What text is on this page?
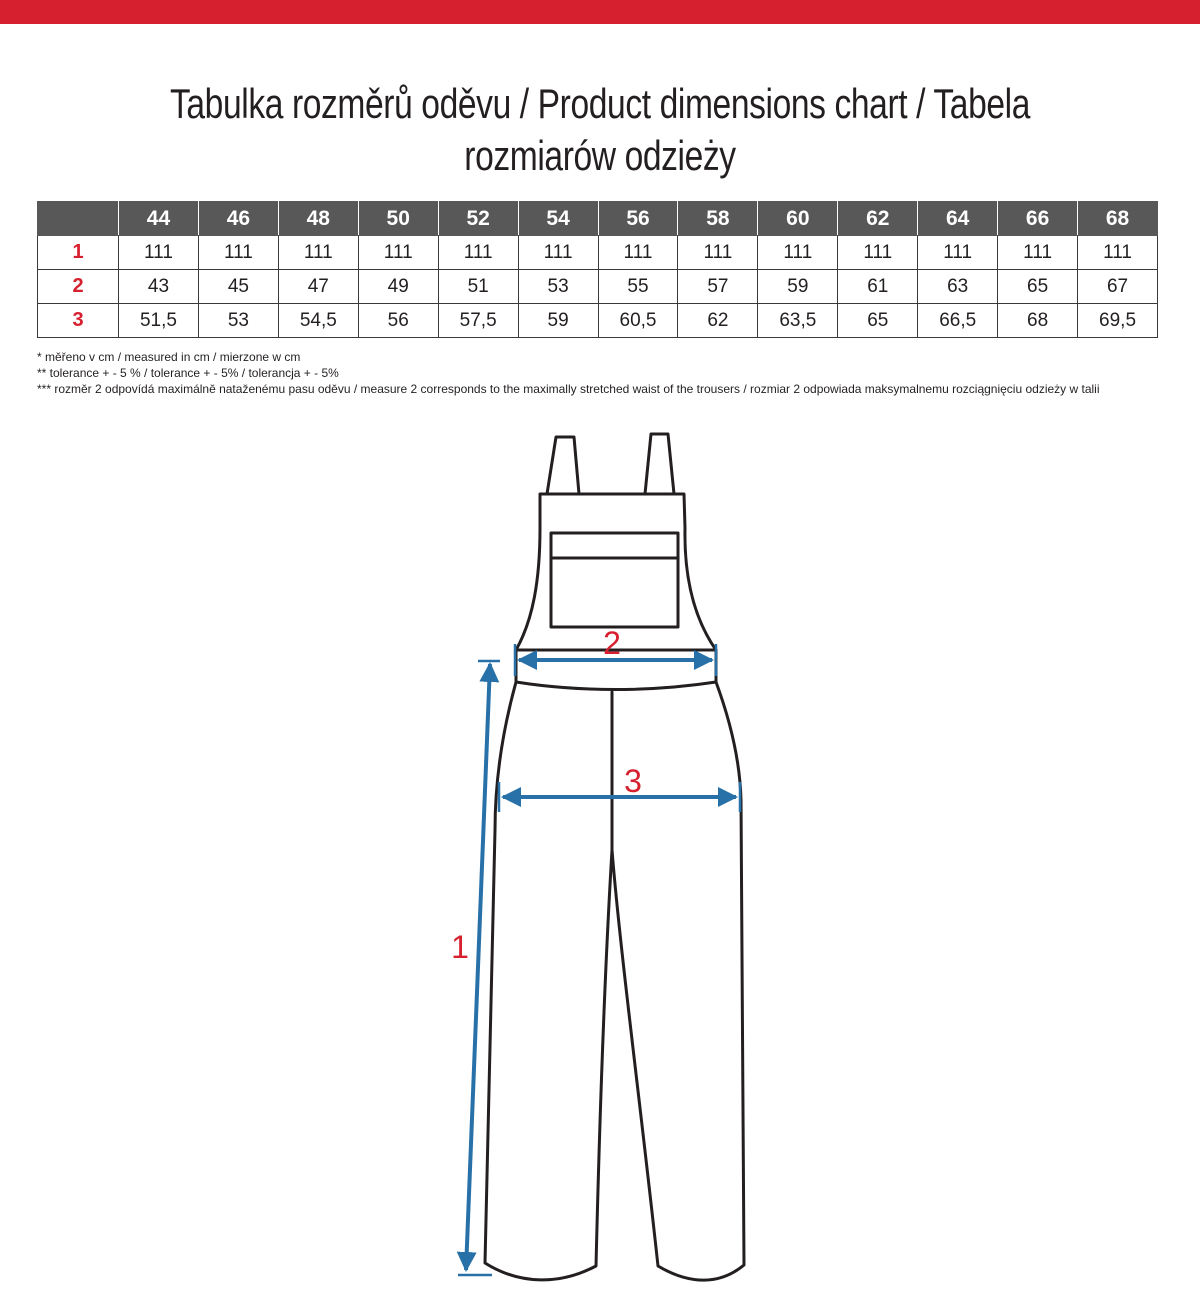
Tabulka rozměrů oděvu / Product dimensions chart / Tabela rozmiarów odzieży
	44	46	48	50	52	54	56	58	60	62	64	66	68
1	111	111	111	111	111	111	111	111	111	111	111	111	111
2	43	45	47	49	51	53	55	57	59	61	63	65	67
3	51,5	53	54,5	56	57,5	59	60,5	62	63,5	65	66,5	68	69,5
* měřeno v cm / measured in cm / mierzone w cm
** tolerance + - 5 % / tolerance + - 5% / tolerancja + - 5%
*** rozměr 2 odpovídá maximálně nataženému pasu oděvu / measure 2 corresponds to the maximally stretched waist of the trousers / rozmiar 2 odpowiada maksymalnemu rozciągnięciu odzieży w talii
1
2
3
